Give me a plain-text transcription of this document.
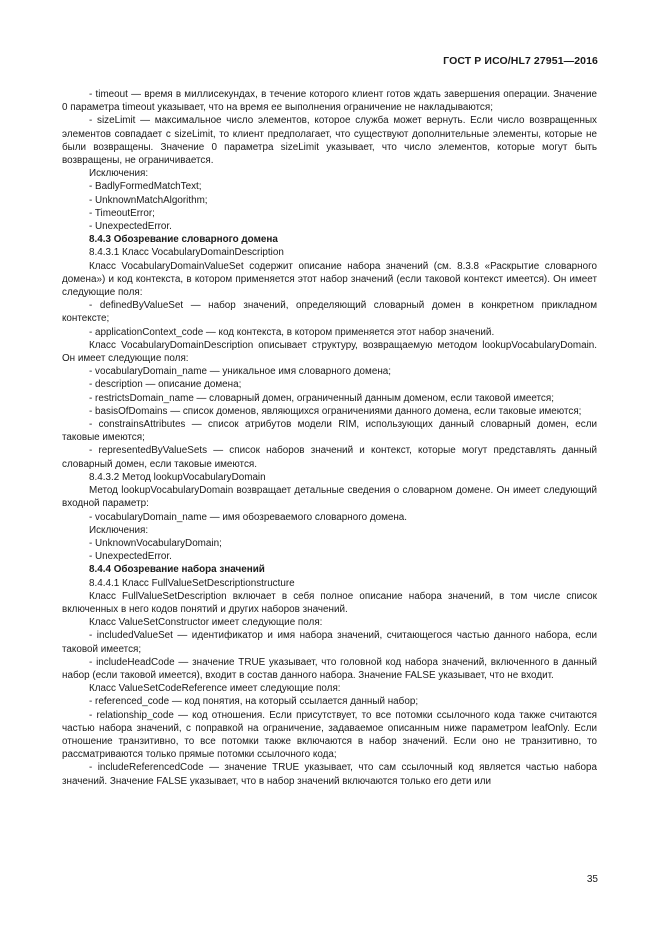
ГОСТ Р ИСО/HL7 27951—2016

- timeout — время в миллисекундах, в течение которого клиент готов ждать завершения операции. Значение 0 параметра timeout указывает, что на время ее выполнения ограничение не накладываются;

- sizeLimit — максимальное число элементов, которое служба может вернуть. Если число возвращенных элементов совпадает с sizeLimit, то клиент предполагает, что существуют дополнительные элементы, которые не были возвращены. Значение 0 параметра sizeLimit указывает, что число элементов, которые могут быть возвращены, не ограничивается.

Исключения:

- BadlyFormedMatchText;

- UnknownMatchAlgorithm;

- TimeoutError;

- UnexpectedError.

8.4.3 Обозревание словарного домена

8.4.3.1 Класс VocabularyDomainDescription

Класс VocabularyDomainValueSet содержит описание набора значений (см. 8.3.8 «Раскрытие словарного домена») и код контекста, в котором применяется этот набор значений (если таковой контекст имеется). Он имеет следующие поля:

- definedByValueSet — набор значений, определяющий словарный домен в конкретном прикладном контексте;

- applicationContext_code — код контекста, в котором применяется этот набор значений.

Класс VocabularyDomainDescription описывает структуру, возвращаемую методом lookupVocabularyDomain. Он имеет следующие поля:

- vocabularyDomain_name — уникальное имя словарного домена;

- description — описание домена;

- restrictsDomain_name — словарный домен, ограниченный данным доменом, если таковой имеется;

- basisOfDomains — список доменов, являющихся ограничениями данного домена, если таковые имеются;

- constrainsAttributes — список атрибутов модели RIM, использующих данный словарный домен, если таковые имеются;

- representedByValueSets — список наборов значений и контекст, которые могут представлять данный словарный домен, если таковые имеются.

8.4.3.2 Метод lookupVocabularyDomain

Метод lookupVocabularyDomain возвращает детальные сведения о словарном домене. Он имеет следующий входной параметр:

- vocabularyDomain_name — имя обозреваемого словарного домена.

Исключения:

- UnknownVocabularyDomain;

- UnexpectedError.

8.4.4 Обозревание набора значений

8.4.4.1 Класс FullValueSetDescriptionstructure

Класс FullValueSetDescription включает в себя полное описание набора значений, в том числе список включенных в него кодов понятий и других наборов значений.

Класс ValueSetConstructor имеет следующие поля:

- includedValueSet — идентификатор и имя набора значений, считающегося частью данного набора, если таковой имеется;

- includeHeadCode — значение TRUE указывает, что головной код набора значений, включенного в данный набор (если таковой имеется), входит в состав данного набора. Значение FALSE указывает, что не входит.

Класс ValueSetCodeReference имеет следующие поля:

- referenced_code — код понятия, на который ссылается данный набор;

- relationship_code — код отношения. Если присутствует, то все потомки ссылочного кода также считаются частью набора значений, с поправкой на ограничение, задаваемое описанным ниже параметром leafOnly. Если отношение транзитивно, то все потомки также включаются в набор значений. Если оно не транзитивно, то рассматриваются только прямые потомки ссылочного кода;

- includeReferencedCode — значение TRUE указывает, что сам ссылочный код является частью набора значений. Значение FALSE указывает, что в набор значений включаются только его дети или

35
